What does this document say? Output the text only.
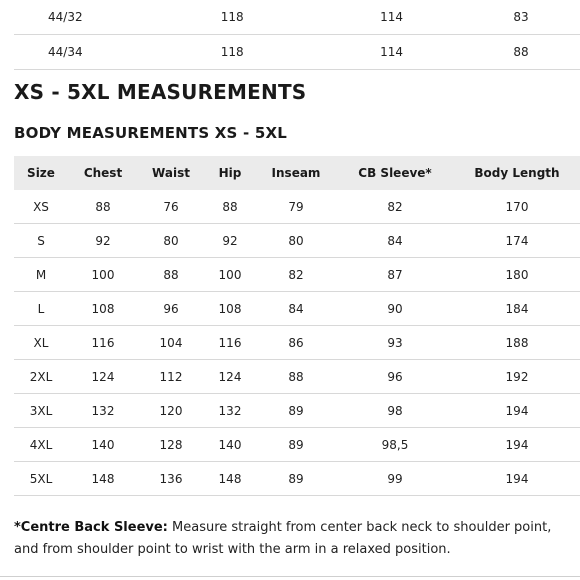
44/32	118	114	83
44/34	118	114	88
XS - 5XL MEASUREMENTS
BODY MEASUREMENTS XS - 5XL
Size	Chest	Waist	Hip	Inseam	CB Sleeve*	Body Length
XS	88	76	88	79	82	170
S	92	80	92	80	84	174
M	100	88	100	82	87	180
L	108	96	108	84	90	184
XL	116	104	116	86	93	188
2XL	124	112	124	88	96	192
3XL	132	120	132	89	98	194
4XL	140	128	140	89	98,5	194
5XL	148	136	148	89	99	194

*Centre Back Sleeve: Measure straight from center back neck to shoulder point, and from shoulder point to wrist with the arm in a relaxed position.
